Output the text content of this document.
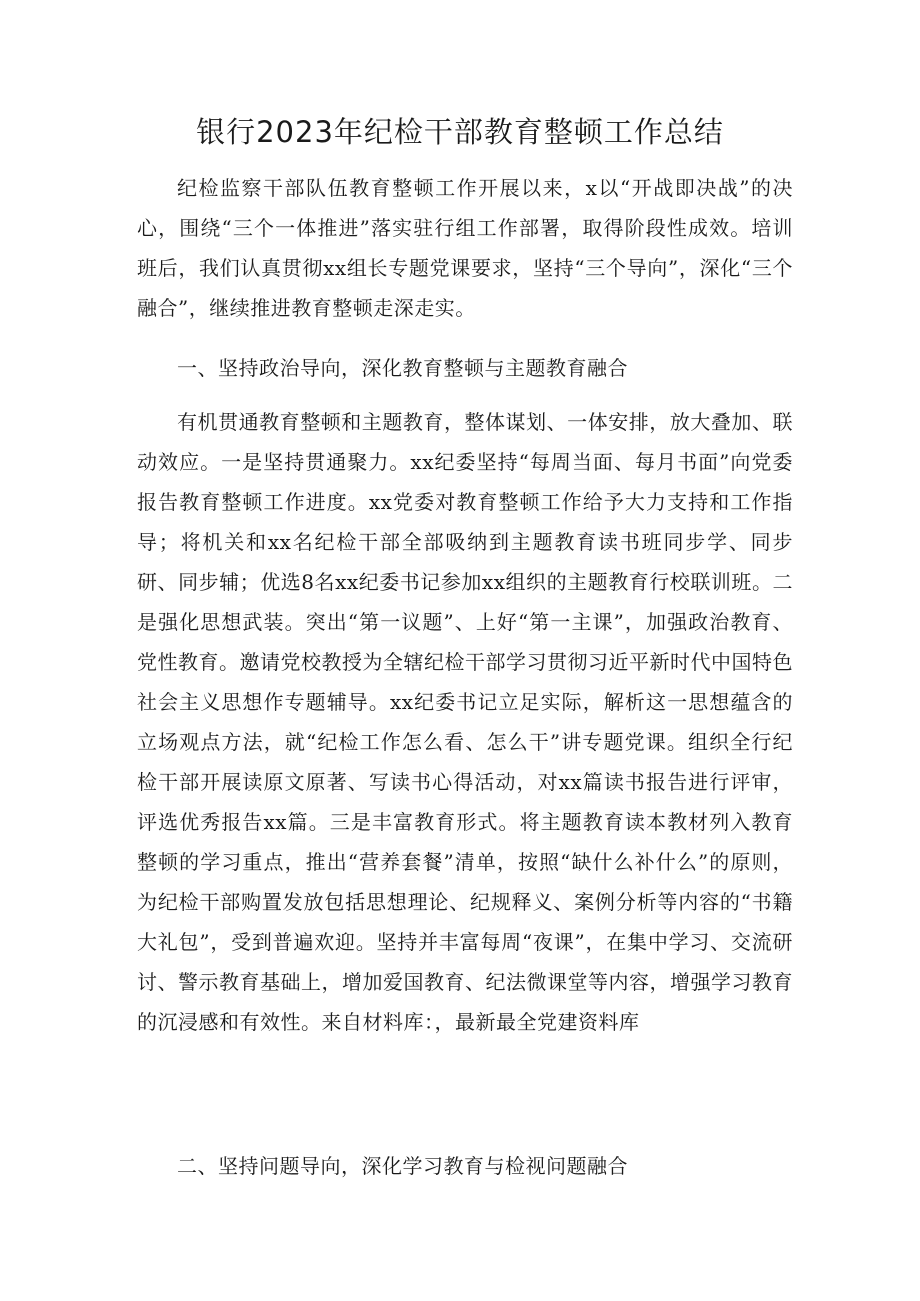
银行2023年纪检干部教育整顿工作总结

纪检监察干部队伍教育整顿工作开展以来，x以“开战即决战”的决心，围绕“三个一体推进”落实驻行组工作部署，取得阶段性成效。培训班后，我们认真贯彻xx组长专题党课要求，坚持“三个导向”，深化“三个融合”，继续推进教育整顿走深走实。

一、坚持政治导向，深化教育整顿与主题教育融合

有机贯通教育整顿和主题教育，整体谋划、一体安排，放大叠加、联动效应。一是坚持贯通聚力。xx纪委坚持“每周当面、每月书面”向党委报告教育整顿工作进度。xx党委对教育整顿工作给予大力支持和工作指导；将机关和xx名纪检干部全部吸纳到主题教育读书班同步学、同步研、同步辅；优选8名xx纪委书记参加xx组织的主题教育行校联训班。二是强化思想武装。突出“第一议题”、上好“第一主课”，加强政治教育、党性教育。邀请党校教授为全辖纪检干部学习贯彻习近平新时代中国特色社会主义思想作专题辅导。xx纪委书记立足实际，解析这一思想蕴含的立场观点方法，就“纪检工作怎么看、怎么干”讲专题党课。组织全行纪检干部开展读原文原著、写读书心得活动，对xx篇读书报告进行评审，评选优秀报告xx篇。三是丰富教育形式。将主题教育读本教材列入教育整顿的学习重点，推出“营养套餐”清单，按照“缺什么补什么”的原则，为纪检干部购置发放包括思想理论、纪规释义、案例分析等内容的“书籍大礼包”，受到普遍欢迎。坚持并丰富每周“夜课”，在集中学习、交流研讨、警示教育基础上，增加爱国教育、纪法微课堂等内容，增强学习教育的沉浸感和有效性。来自材料库：，最新最全党建资料库

二、坚持问题导向，深化学习教育与检视问题融合
